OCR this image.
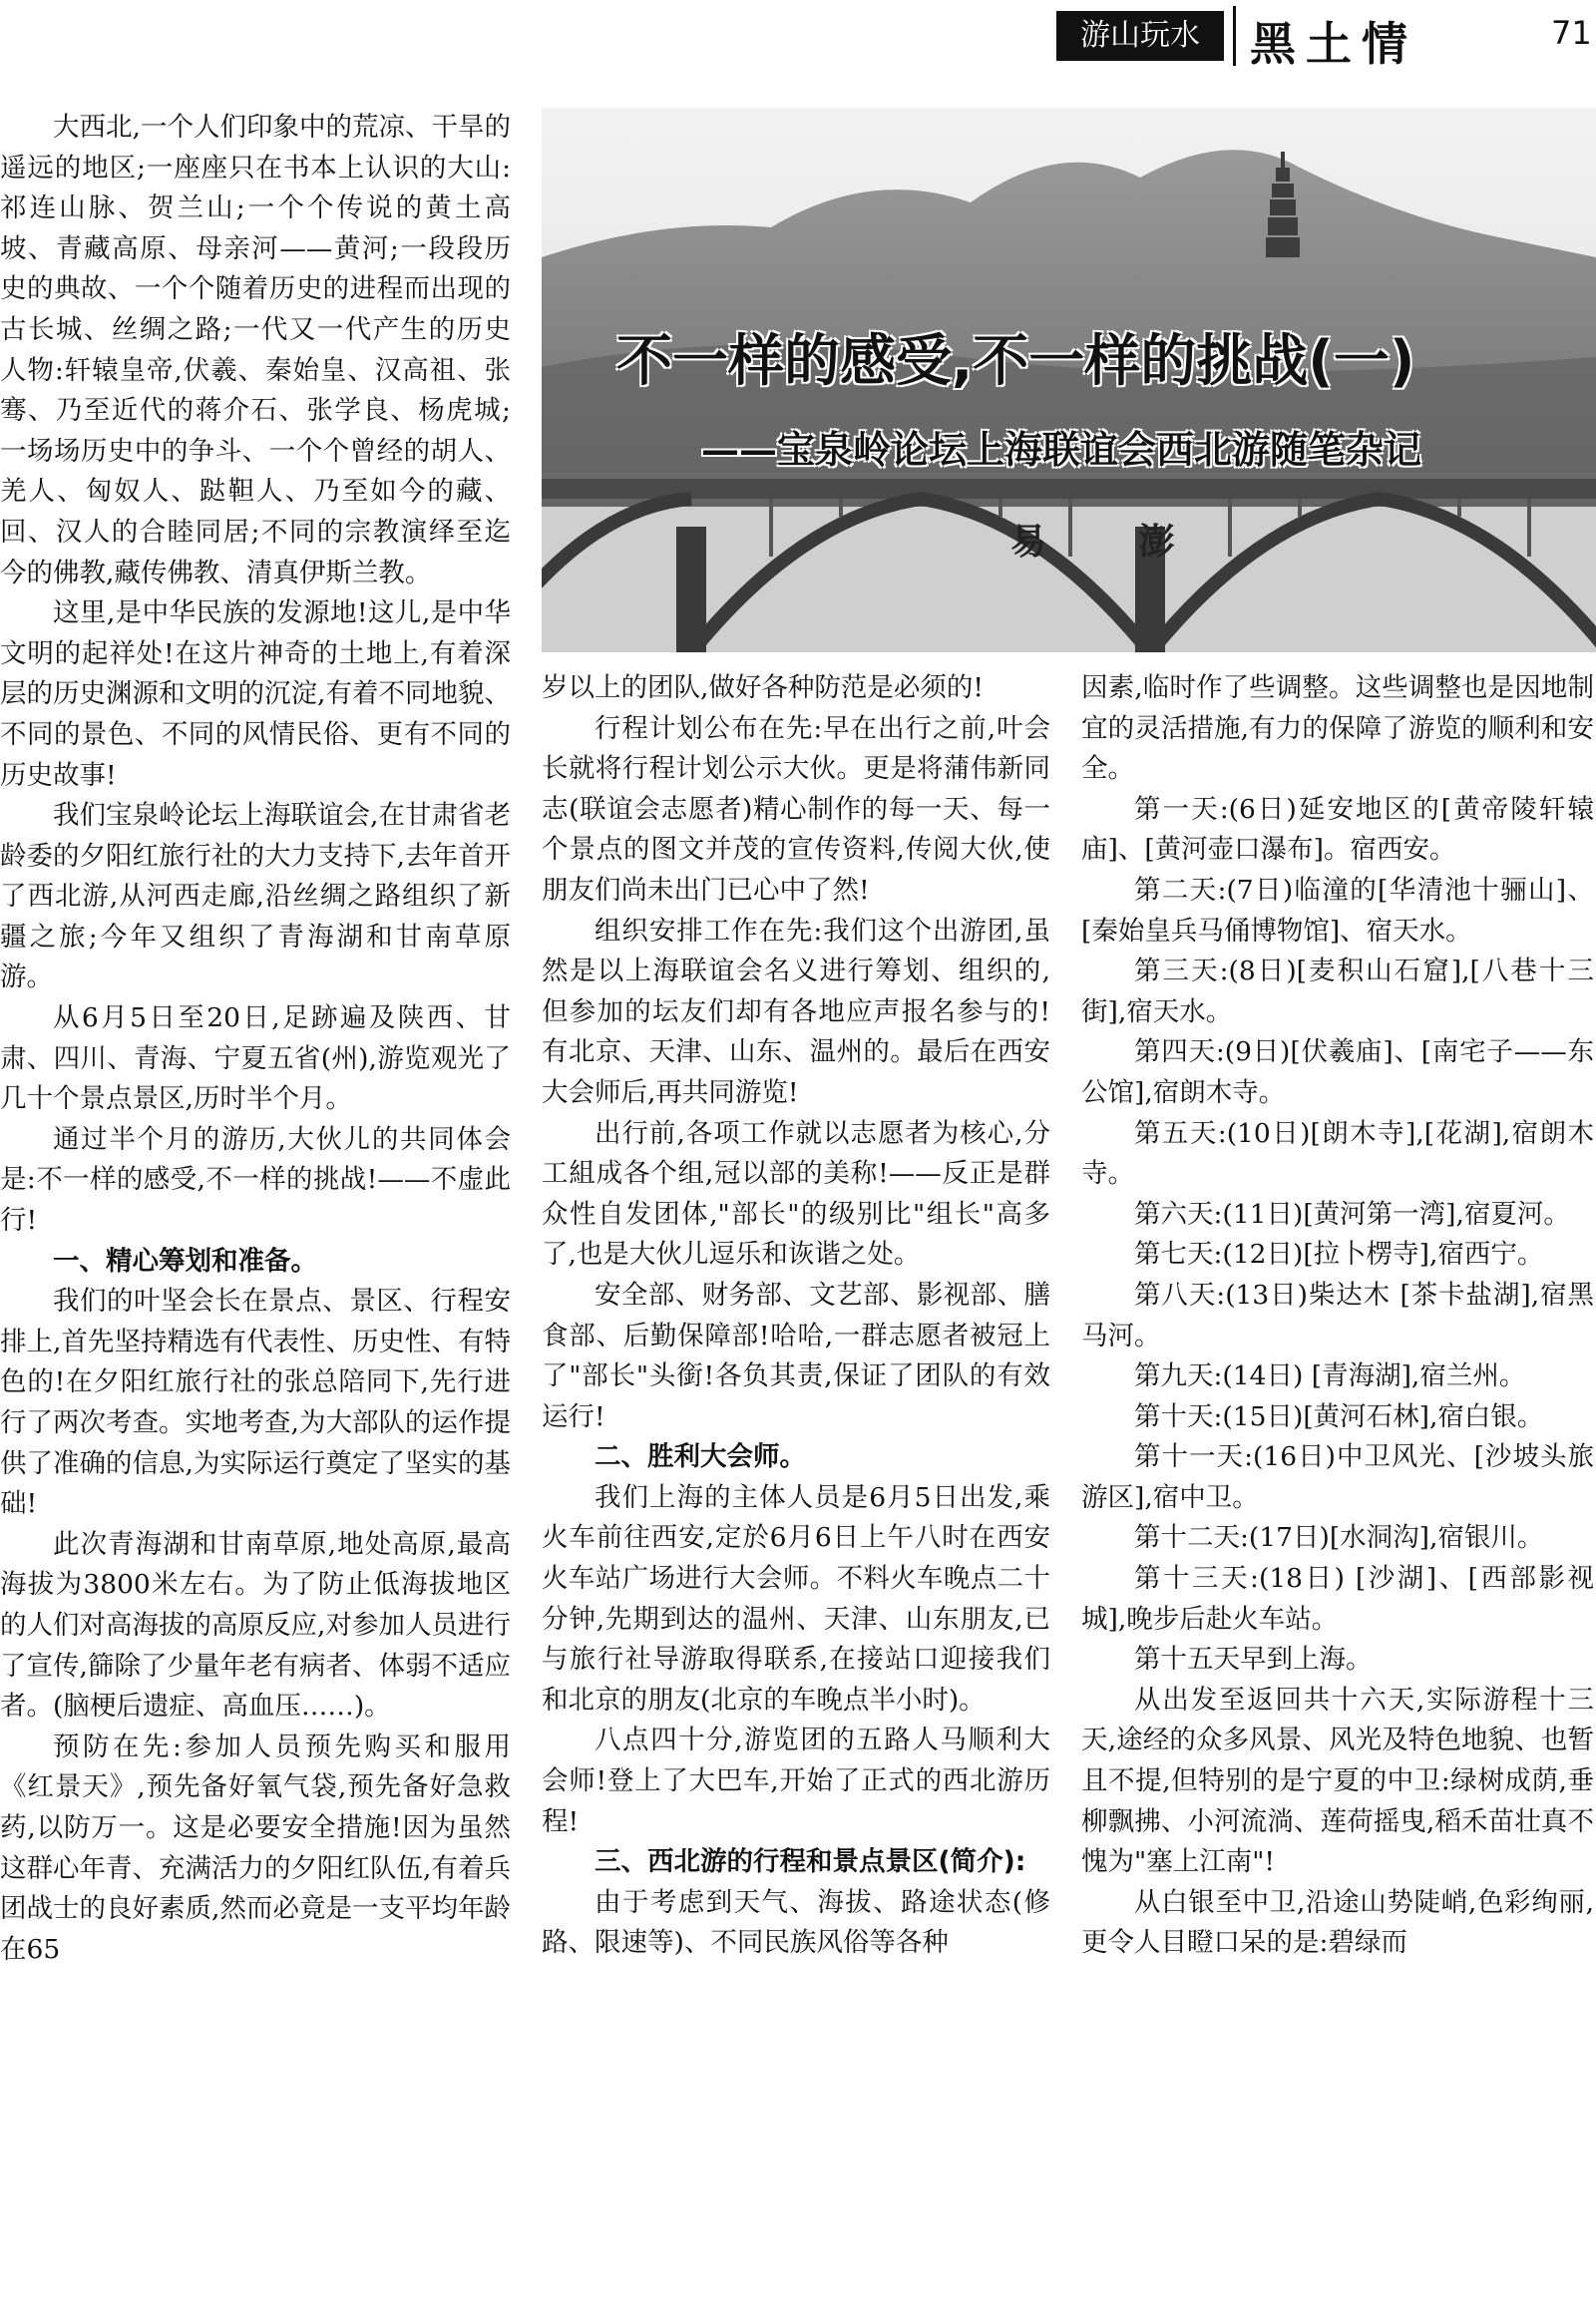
游山玩水	黑土情	71
不一样的感受,不一样的挑战(一)
——宝泉岭论坛上海联谊会西北游随笔杂记
易 澎

大西北,一个人们印象中的荒凉、干旱的遥远的地区;一座座只在书本上认识的大山:祁连山脉、贺兰山;一个个传说的黄土高坡、青藏高原、母亲河——黄河;一段段历史的典故、一个个随着历史的进程而出现的古长城、丝绸之路;一代又一代产生的历史人物:轩辕皇帝,伏羲、秦始皇、汉高祖、张骞、乃至近代的蒋介石、张学良、杨虎城;一场场历史中的争斗、一个个曾经的胡人、羌人、匈奴人、跶靼人、乃至如今的藏、回、汉人的合睦同居;不同的宗教演绎至迄今的佛教,藏传佛教、清真伊斯兰教。

这里,是中华民族的发源地!这儿,是中华文明的起祥处!在这片神奇的土地上,有着深层的历史渊源和文明的沉淀,有着不同地貌、不同的景色、不同的风情民俗、更有不同的历史故事!

我们宝泉岭论坛上海联谊会,在甘肃省老龄委的夕阳红旅行社的大力支持下,去年首开了西北游,从河西走廊,沿丝绸之路组织了新疆之旅;今年又组织了青海湖和甘南草原游。

从6月5日至20日,足跡遍及陕西、甘肃、四川、青海、宁夏五省(州),游览观光了几十个景点景区,历时半个月。

通过半个月的游历,大伙儿的共同体会是:不一样的感受,不一样的挑战!——不虚此行!

一、精心筹划和准备。

我们的叶坚会长在景点、景区、行程安排上,首先坚持精选有代表性、历史性、有特色的!在夕阳红旅行社的张总陪同下,先行进行了两次考查。实地考查,为大部队的运作提供了准确的信息,为实际运行奠定了坚实的基础!

此次青海湖和甘南草原,地处高原,最高海拔为3800米左右。为了防止低海拔地区的人们对高海拔的高原反应,对参加人员进行了宣传,篩除了少量年老有病者、体弱不适应者。(脑梗后遗症、高血压……)。

预防在先:参加人员预先购买和服用《红景天》,预先备好氧气袋,预先备好急救药,以防万一。这是必要安全措施!因为虽然这群心年青、充满活力的夕阳红队伍,有着兵团战士的良好素质,然而必竟是一支平均年龄在65

岁以上的团队,做好各种防范是必须的!

行程计划公布在先:早在出行之前,叶会长就将行程计划公示大伙。更是将蒲伟新同志(联谊会志愿者)精心制作的每一天、每一个景点的图文并茂的宣传资料,传阅大伙,使朋友们尚未出门已心中了然!

组织安排工作在先:我们这个出游团,虽然是以上海联谊会名义进行筹划、组织的,但参加的坛友们却有各地应声报名参与的!有北京、天津、山东、温州的。最后在西安大会师后,再共同游览!

出行前,各项工作就以志愿者为核心,分工組成各个组,冠以部的美称!——反正是群众性自发团体,"部长"的级别比"组长"高多了,也是大伙儿逗乐和诙谐之处。

安全部、财务部、文艺部、影视部、膳食部、后勤保障部!哈哈,一群志愿者被冠上了"部长"头銜!各负其责,保证了团队的有效运行!

二、胜利大会师。

我们上海的主体人员是6月5日出发,乘火车前往西安,定於6月6日上午八时在西安火车站广场进行大会师。不料火车晚点二十分钟,先期到达的温州、天津、山东朋友,已与旅行社导游取得联系,在接站口迎接我们和北京的朋友(北京的车晚点半小时)。

八点四十分,游览团的五路人马顺利大会师!登上了大巴车,开始了正式的西北游历程!

三、西北游的行程和景点景区(简介):

由于考虑到天气、海拔、路途状态(修路、限速等)、不同民族风俗等各种

因素,临时作了些调整。这些调整也是因地制宜的灵活措施,有力的保障了游览的顺利和安全。

第一天:(6日)延安地区的[黄帝陵轩辕庙]、[黄河壶口瀑布]。宿西安。

第二天:(7日)临潼的[华清池十骊山]、[秦始皇兵马俑博物馆]、宿天水。

第三天:(8日)[麦积山石窟],[八巷十三街],宿天水。

第四天:(9日)[伏羲庙]、[南宅子——东公馆],宿朗木寺。

第五天:(10日)[朗木寺],[花湖],宿朗木寺。

第六天:(11日)[黄河第一湾],宿夏河。

第七天:(12日)[拉卜楞寺],宿西宁。

第八天:(13日)柴达木 [茶卡盐湖],宿黑马河。

第九天:(14日) [青海湖],宿兰州。

第十天:(15日)[黄河石林],宿白银。

第十一天:(16日)中卫风光、[沙坡头旅游区],宿中卫。

第十二天:(17日)[水洞沟],宿银川。

第十三天:(18日) [沙湖]、[西部影视城],晚步后赴火车站。

第十五天早到上海。

从出发至返回共十六天,实际游程十三天,途经的众多风景、风光及特色地貌、也暂且不提,但特别的是宁夏的中卫:绿树成荫,垂柳飘拂、小河流淌、莲荷摇曳,稻禾苗壮真不愧为"塞上江南"!

从白银至中卫,沿途山势陡峭,色彩绚丽,更令人目瞪口呆的是:碧绿而
